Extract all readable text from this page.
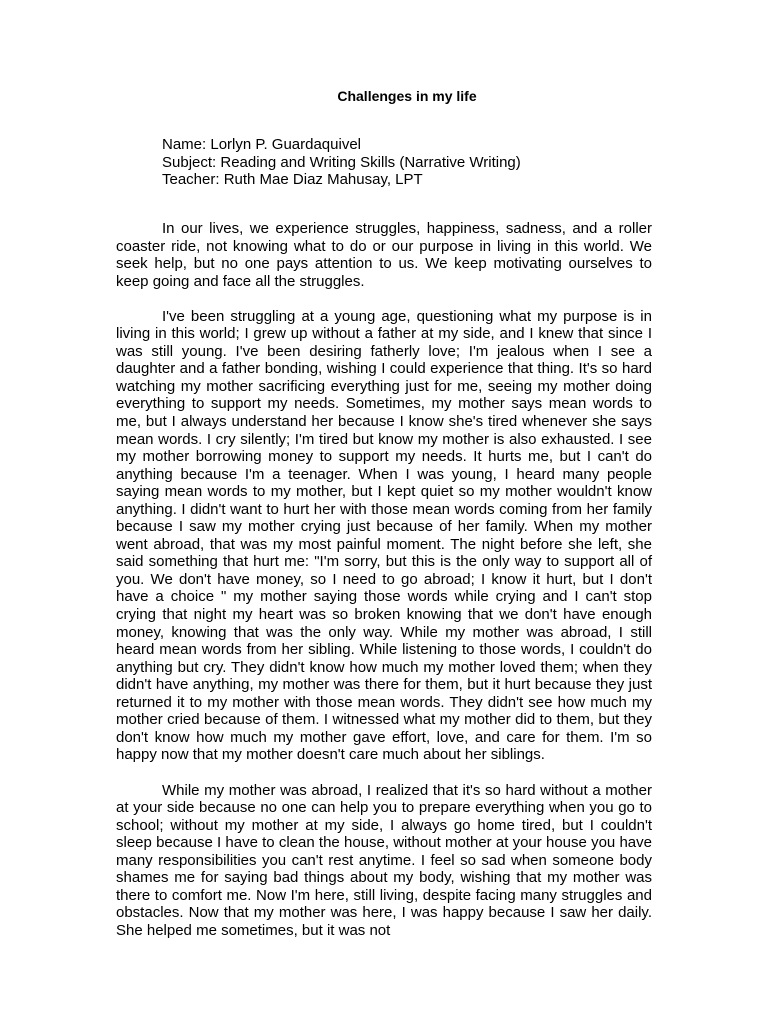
Challenges in my life
Name: Lorlyn P. Guardaquivel
Subject: Reading and Writing Skills (Narrative Writing)
Teacher: Ruth Mae Diaz Mahusay, LPT

In our lives, we experience struggles, happiness, sadness, and a roller coaster ride, not knowing what to do or our purpose in living in this world. We seek help, but no one pays attention to us. We keep motivating ourselves to keep going and face all the struggles.

I've been struggling at a young age, questioning what my purpose is in living in this world; I grew up without a father at my side, and I knew that since I was still young. I've been desiring fatherly love; I'm jealous when I see a daughter and a father bonding, wishing I could experience that thing. It's so hard watching my mother sacrificing everything just for me, seeing my mother doing everything to support my needs. Sometimes, my mother says mean words to me, but I always understand her because I know she's tired whenever she says mean words. I cry silently; I'm tired but know my mother is also exhausted. I see my mother borrowing money to support my needs. It hurts me, but I can't do anything because I'm a teenager. When I was young, I heard many people saying mean words to my mother, but I kept quiet so my mother wouldn't know anything. I didn't want to hurt her with those mean words coming from her family because I saw my mother crying just because of her family. When my mother went abroad, that was my most painful moment. The night before she left, she said something that hurt me: "I'm sorry, but this is the only way to support all of you. We don't have money, so I need to go abroad; I know it hurt, but I don't have a choice " my mother saying those words while crying and I can't stop crying that night my heart was so broken knowing that we don't have enough money, knowing that was the only way. While my mother was abroad, I still heard mean words from her sibling. While listening to those words, I couldn't do anything but cry. They didn't know how much my mother loved them; when they didn't have anything, my mother was there for them, but it hurt because they just returned it to my mother with those mean words. They didn't see how much my mother cried because of them. I witnessed what my mother did to them, but they don't know how much my mother gave effort, love, and care for them. I'm so happy now that my mother doesn't care much about her siblings.

While my mother was abroad, I realized that it's so hard without a mother at your side because no one can help you to prepare everything when you go to school; without my mother at my side, I always go home tired, but I couldn't sleep because I have to clean the house, without mother at your house you have many responsibilities you can't rest anytime. I feel so sad when someone body shames me for saying bad things about my body, wishing that my mother was there to comfort me. Now I'm here, still living, despite facing many struggles and obstacles. Now that my mother was here, I was happy because I saw her daily. She helped me sometimes, but it was not
